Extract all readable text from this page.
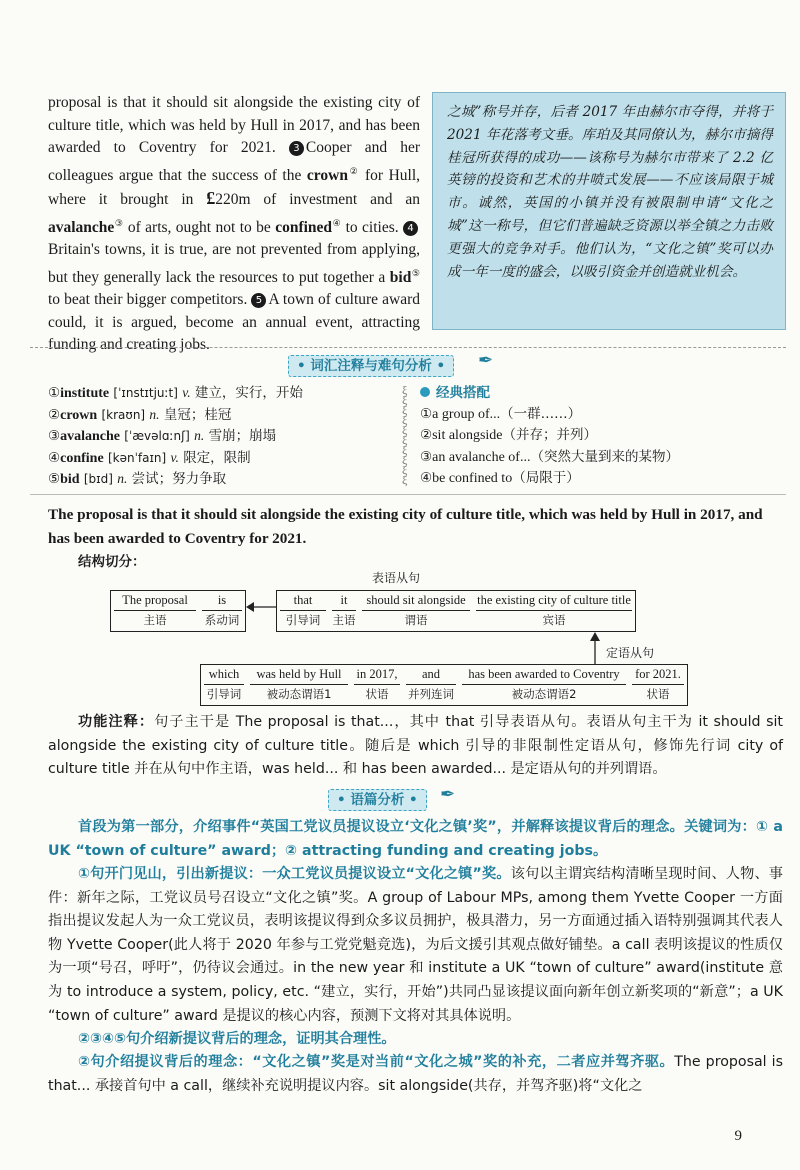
proposal is that it should sit alongside the existing city of culture title, which was held by Hull in 2017, and has been awarded to Coventry for 2021. 3 Cooper and her colleagues argue that the success of the crown② for Hull, where it brought in £220m of investment and an avalanche③ of arts, ought not to be confined④ to cities. 4Britain's towns, it is true, are not prevented from applying, but they generally lack the resources to put together a bid⑤ to beat their bigger competitors. 5 A town of culture award could, it is argued, become an annual event, attracting funding and creating jobs.
之城”称号并存，后者 2017 年由赫尔市夺得，并将于 2021 年花落考文垂。库珀及其同僚认为，赫尔市摘得桂冠所获得的成功——该称号为赫尔市带来了 2.2 亿英镑的投资和艺术的井喷式发展——不应该局限于城市。诚然，英国的小镇并没有被限制申请“文化之城”这一称号，但它们普遍缺乏资源以举全镇之力击败更强大的竞争对手。他们认为，“文化之镇”奖可以办成一年一度的盛会，以吸引资金并创造就业机会。
• 词汇注释与难句分析 •	✒
①institute [ˈɪnstɪtjuːt] v. 建立，实行，开始
②crown [kraʊn] n. 皇冠；桂冠
③avalanche [ˈævəlɑːnʃ] n. 雪崩；崩塌
④confine [kənˈfaɪn] v. 限定，限制
⑤bid [bɪd] n. 尝试；努力争取
ξ
ξ
ξ
ξ
ξ
ξ
ξ
ξ
ξ
ξ
经典搭配
①a group of...（一群……）
②sit alongside（并存；并列）
③an avalanche of...（突然大量到来的某物）
④be confined to（局限于）
The proposal is that it should sit alongside the existing city of culture title, which was held by Hull in 2017, and has been awarded to Coventry for 2021.
结构切分：
表语从句
The proposal
主语
is
系动词
that
引导词
it
主语
should sit alongside
谓语
the existing city of culture title
宾语
定语从句
which
引导词
was held by Hull
被动态谓语1
in 2017,
状语
and
并列连词
has been awarded to Coventry
被动态谓语2
for 2021.
状语
功能注释：句子主干是 The proposal is that...，其中 that 引导表语从句。表语从句主干为 it should sit alongside the existing city of culture title。随后是 which 引导的非限制性定语从句，修饰先行词 city of culture title 并在从句中作主语，was held... 和 has been awarded... 是定语从句的并列谓语。
• 语篇分析 •	✒
首段为第一部分，介绍事件“英国工党议员提议设立‘文化之镇’奖”，并解释该提议背后的理念。关键词为：① a UK “town of culture” award；② attracting funding and creating jobs。
①句开门见山，引出新提议：一众工党议员提议设立“文化之镇”奖。该句以主谓宾结构清晰呈现时间、人物、事件：新年之际，工党议员号召设立“文化之镇”奖。A group of Labour MPs, among them Yvette Cooper 一方面指出提议发起人为一众工党议员，表明该提议得到众多议员拥护，极具潜力，另一方面通过插入语特别强调其代表人物 Yvette Cooper(此人将于 2020 年参与工党党魁竞选)，为后文援引其观点做好铺垫。a call 表明该提议的性质仅为一项“号召，呼吁”，仍待议会通过。in the new year 和 institute a UK “town of culture” award(institute 意为 to introduce a system, policy, etc. “建立，实行，开始”)共同凸显该提议面向新年创立新奖项的“新意”；a UK “town of culture” award 是提议的核心内容，预测下文将对其具体说明。
②③④⑤句介绍新提议背后的理念，证明其合理性。
②句介绍提议背后的理念：“文化之镇”奖是对当前“文化之城”奖的补充，二者应并驾齐驱。The proposal is that... 承接首句中 a call，继续补充说明提议内容。sit alongside(共存，并驾齐驱)将“文化之
9
